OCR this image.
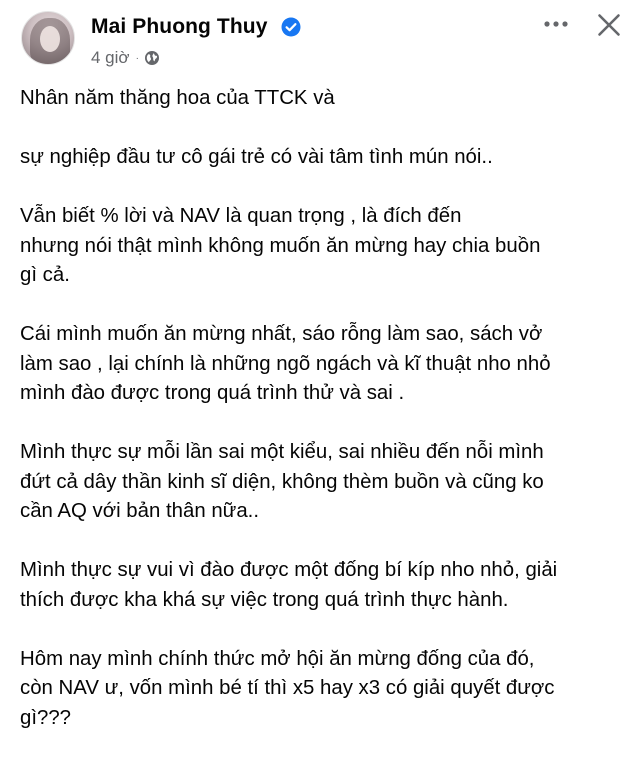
Mai Phuong Thuy
4 giờ ·

Nhân năm thăng hoa của TTCK và

sự nghiệp đầu tư cô gái trẻ có vài tâm tình mún nói..

Vẫn biết % lời và NAV là quan trọng , là đích đến
nhưng nói thật mình không muốn ăn mừng hay chia buồn
gì cả.

Cái mình muốn ăn mừng nhất, sáo rỗng làm sao, sách vở
làm sao , lại chính là những ngõ ngách và kĩ thuật nho nhỏ
mình đào được trong quá trình thử và sai .

Mình thực sự mỗi lần sai một kiểu, sai nhiều đến nỗi mình
đứt cả dây thần kinh sĩ diện, không thèm buồn và cũng ko
cần AQ với bản thân nữa..

Mình thực sự vui vì đào được một đống bí kíp nho nhỏ, giải
thích được kha khá sự việc trong quá trình thực hành.

Hôm nay mình chính thức mở hội ăn mừng đống của đó,
còn NAV ư, vốn mình bé tí thì x5 hay x3 có giải quyết được
gì???
